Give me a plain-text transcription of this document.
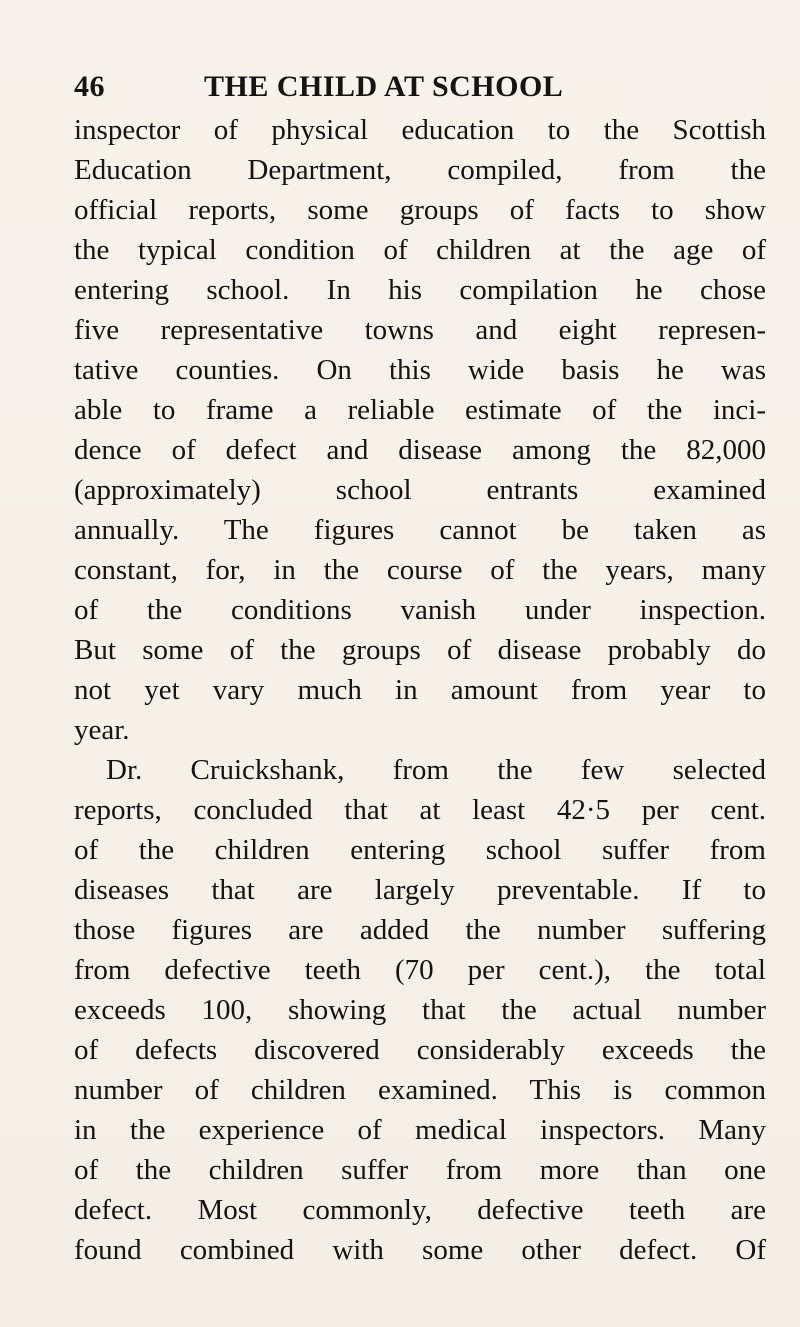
46	THE CHILD AT SCHOOL
inspector of physical education to the Scottish
Education Department, compiled, from the
official reports, some groups of facts to show
the typical condition of children at the age of
entering school. In his compilation he chose
five representative towns and eight represen-
tative counties. On this wide basis he was
able to frame a reliable estimate of the inci-
dence of defect and disease among the 82,000
(approximately) school entrants examined
annually. The figures cannot be taken as
constant, for, in the course of the years, many
of the conditions vanish under inspection.
But some of the groups of disease probably do
not yet vary much in amount from year to
year.
Dr. Cruickshank, from the few selected
reports, concluded that at least 42·5 per cent.
of the children entering school suffer from
diseases that are largely preventable. If to
those figures are added the number suffering
from defective teeth (70 per cent.), the total
exceeds 100, showing that the actual number
of defects discovered considerably exceeds the
number of children examined. This is common
in the experience of medical inspectors. Many
of the children suffer from more than one
defect. Most commonly, defective teeth are
found combined with some other defect. Of
